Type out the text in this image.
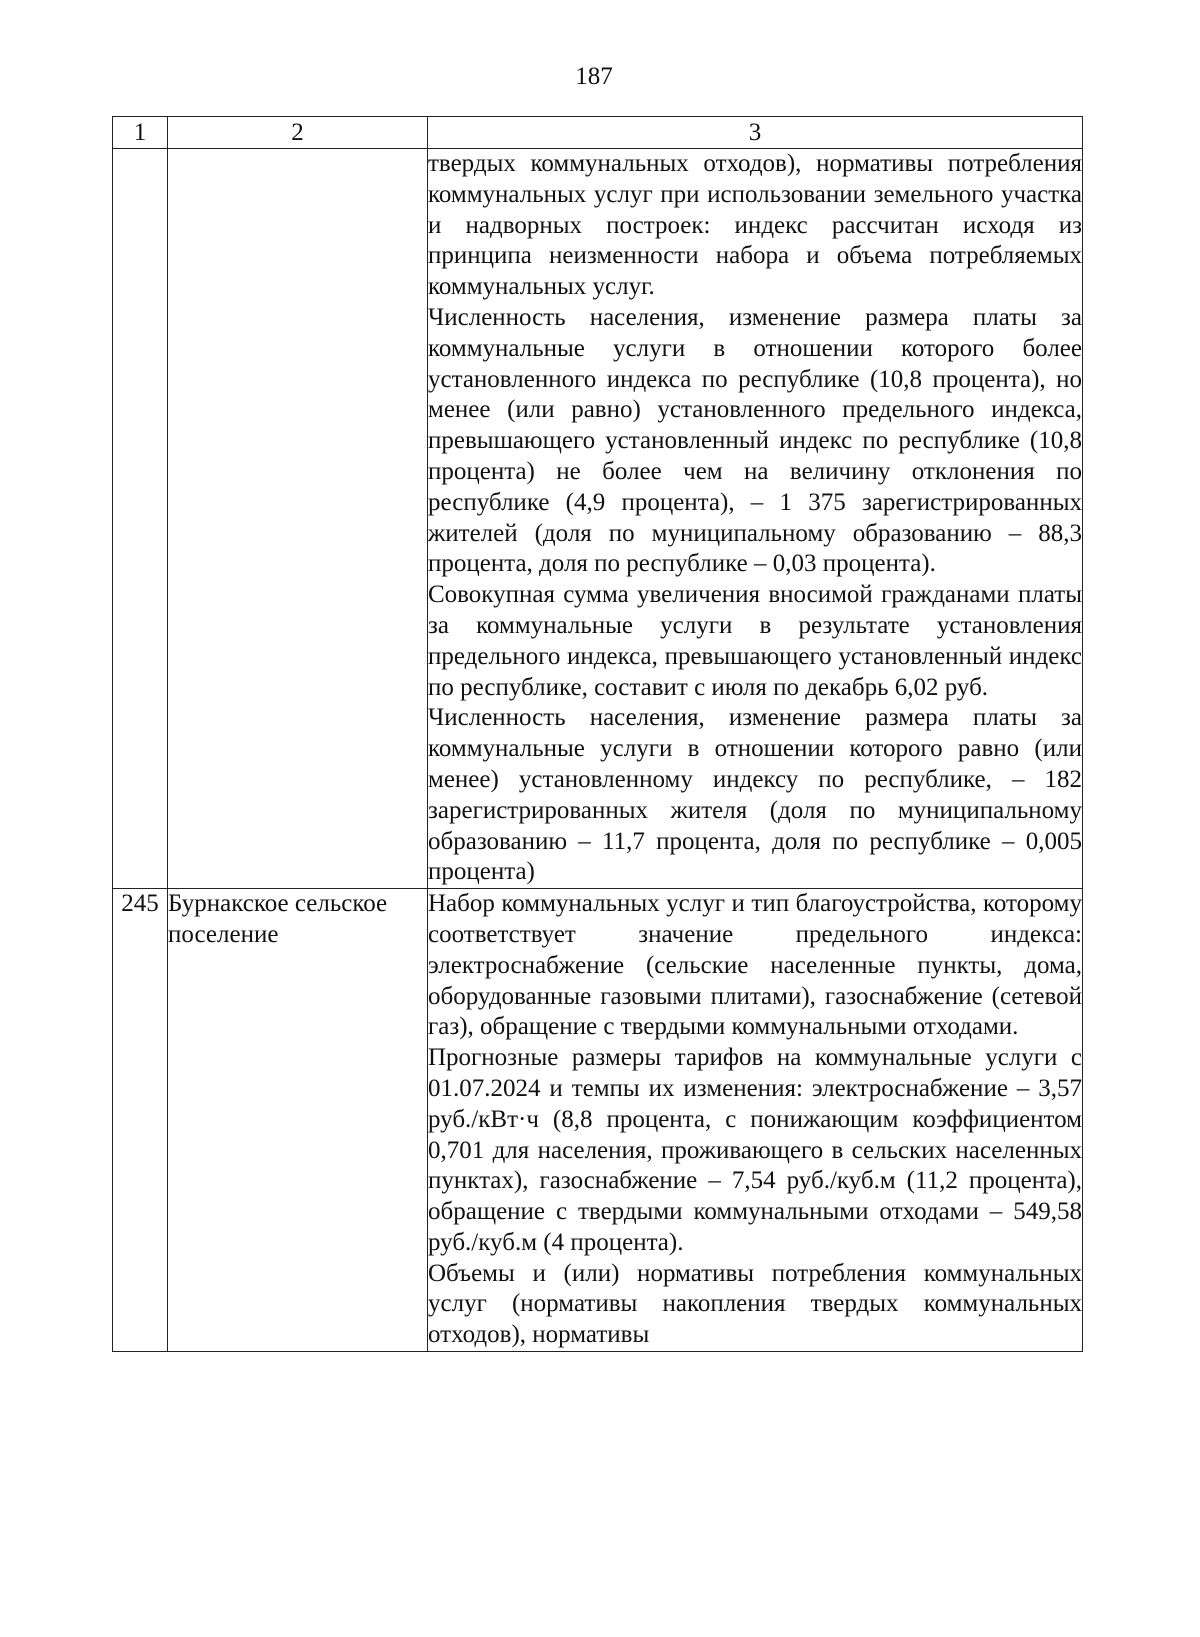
187
1	2	3

		твердых коммунальных отходов), нормативы потребления коммунальных услуг при использовании земельного участка и надворных построек: индекс рассчитан исходя из принципа неизменности набора и объема потребляемых коммунальных услуг.

Численность населения, изменение размера платы за коммунальные услуги в отношении которого более установленного индекса по республике (10,8 процента), но менее (или равно) установленного предельного индекса, превышающего установленный индекс по республике (10,8 процента) не более чем на величину отклонения по республике (4,9 процента), – 1 375 зарегистрированных жителей (доля по муниципальному образованию – 88,3 процента, доля по республике – 0,03 процента).

Совокупная сумма увеличения вносимой гражданами платы за коммунальные услуги в результате установления предельного индекса, превышающего установленный индекс по республике, составит с июля по декабрь 6,02 руб.

Численность населения, изменение размера платы за коммунальные услуги в отношении которого равно (или менее) установленному индексу по республике, – 182 зарегистрированных жителя (доля по муниципальному образованию – 11,7 процента, доля по республике – 0,005 процента)

245	Бурнакское сельское поселение	Набор коммунальных услуг и тип благоустройства, которому соответствует значение предельного индекса: электроснабжение (сельские населенные пункты, дома, оборудованные газовыми плитами), газоснабжение (сетевой газ), обращение с твердыми коммунальными отходами.

Прогнозные размеры тарифов на коммунальные услуги с 01.07.2024 и темпы их изменения: электроснабжение – 3,57 руб./кВт·ч (8,8 процента, с понижающим коэффициентом 0,701 для населения, проживающего в сельских населенных пунктах), газоснабжение – 7,54 руб./куб.м (11,2 процента), обращение с твердыми коммунальными отходами – 549,58 руб./куб.м (4 процента).

Объемы и (или) нормативы потребления коммунальных услуг (нормативы накопления твердых коммунальных отходов), нормативы
